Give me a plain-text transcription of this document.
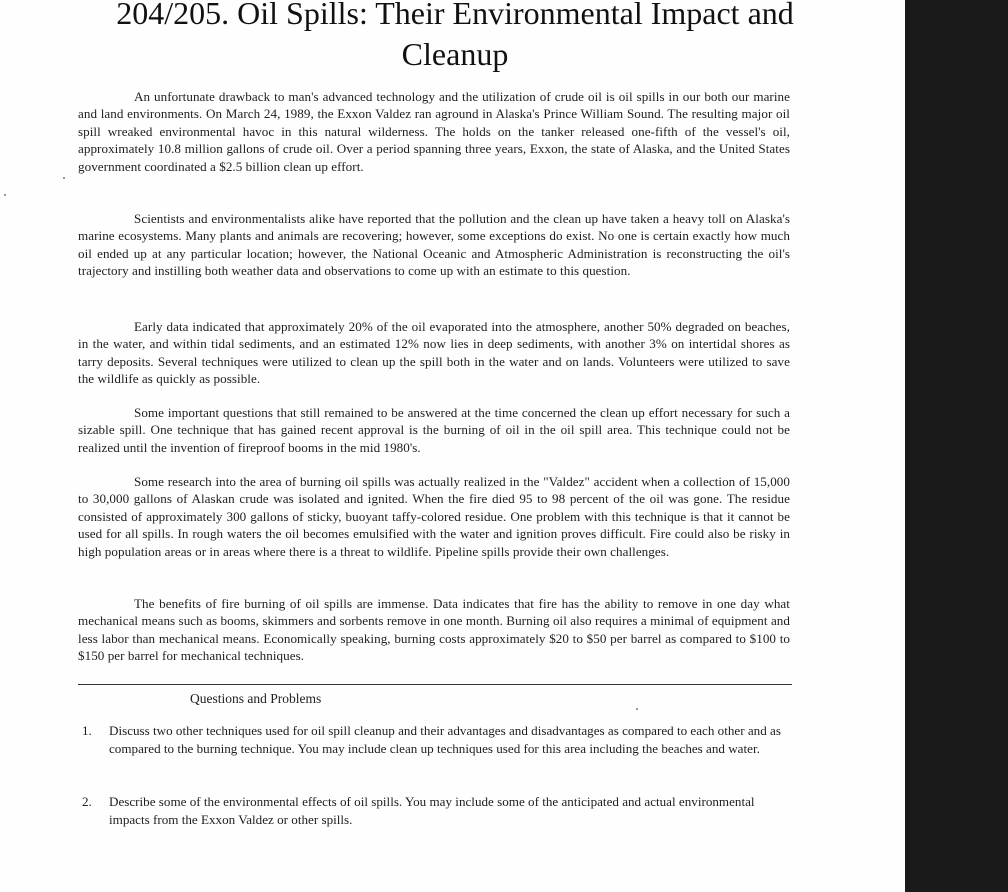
204/205. Oil Spills: Their Environmental Impact and
Cleanup

An unfortunate drawback to man's advanced technology and the utilization of crude oil is oil spills in our both our marine and land environments. On March 24, 1989, the Exxon Valdez ran aground in Alaska's Prince William Sound. The resulting major oil spill wreaked environmental havoc in this natural wilderness. The holds on the tanker released one-fifth of the vessel's oil, approximately 10.8 million gallons of crude oil. Over a period spanning three years, Exxon, the state of Alaska, and the United States government coordinated a $2.5 billion clean up effort.

Scientists and environmentalists alike have reported that the pollution and the clean up have taken a heavy toll on Alaska's marine ecosystems. Many plants and animals are recovering; however, some exceptions do exist. No one is certain exactly how much oil ended up at any particular location; however, the National Oceanic and Atmospheric Administration is reconstructing the oil's trajectory and instilling both weather data and observations to come up with an estimate to this question.

Early data indicated that approximately 20% of the oil evaporated into the atmosphere, another 50% degraded on beaches, in the water, and within tidal sediments, and an estimated 12% now lies in deep sediments, with another 3% on intertidal shores as tarry deposits. Several techniques were utilized to clean up the spill both in the water and on lands. Volunteers were utilized to save the wildlife as quickly as possible.

Some important questions that still remained to be answered at the time concerned the clean up effort necessary for such a sizable spill. One technique that has gained recent approval is the burning of oil in the oil spill area. This technique could not be realized until the invention of fireproof booms in the mid 1980's.

Some research into the area of burning oil spills was actually realized in the "Valdez" accident when a collection of 15,000 to 30,000 gallons of Alaskan crude was isolated and ignited. When the fire died 95 to 98 percent of the oil was gone. The residue consisted of approximately 300 gallons of sticky, buoyant taffy-colored residue. One problem with this technique is that it cannot be used for all spills. In rough waters the oil becomes emulsified with the water and ignition proves difficult. Fire could also be risky in high population areas or in areas where there is a threat to wildlife. Pipeline spills provide their own challenges.

The benefits of fire burning of oil spills are immense. Data indicates that fire has the ability to remove in one day what mechanical means such as booms, skimmers and sorbents remove in one month. Burning oil also requires a minimal of equipment and less labor than mechanical means. Economically speaking, burning costs approximately $20 to $50 per barrel as compared to $100 to $150 per barrel for mechanical techniques.

Questions and Problems
1. Discuss two other techniques used for oil spill cleanup and their advantages and disadvantages as compared to each other and as compared to the burning technique. You may include clean up techniques used for this area including the beaches and water.
2. Describe some of the environmental effects of oil spills. You may include some of the anticipated and actual environmental impacts from the Exxon Valdez or other spills.
